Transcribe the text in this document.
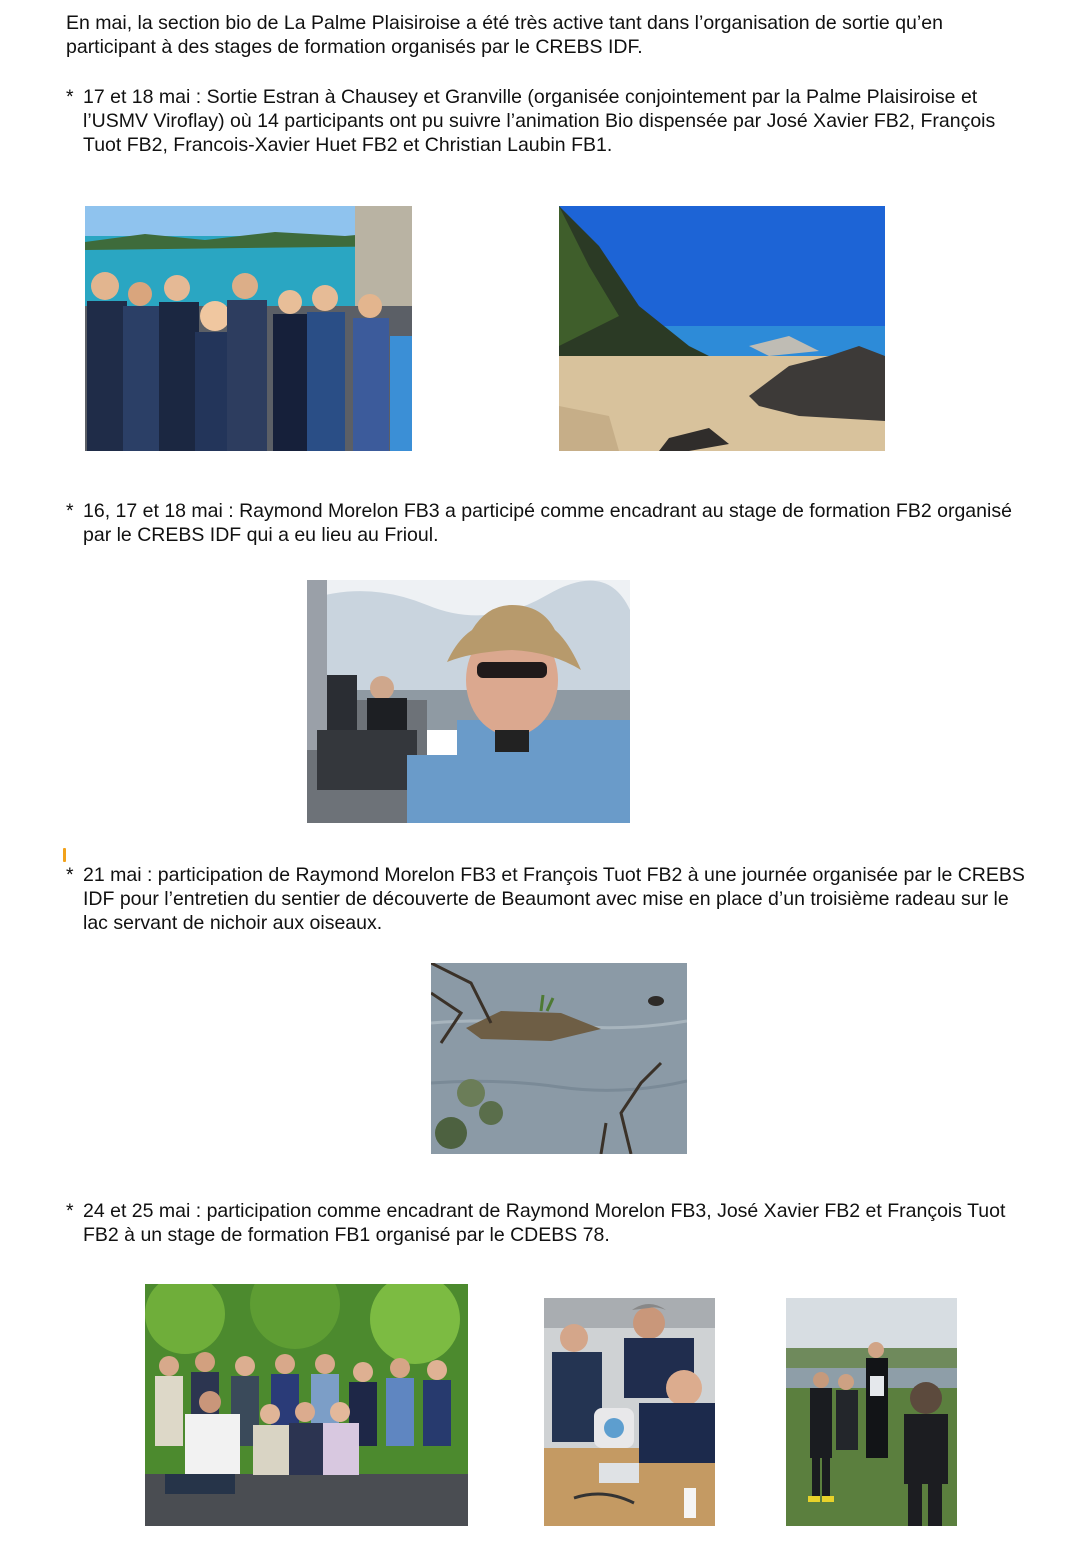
En mai, la section bio de La Palme Plaisiroise a été très active tant dans l’organisation de sortie qu’en participant à des stages de formation organisés par le CREBS IDF.

* 17 et 18 mai : Sortie Estran à Chausey et Granville (organisée conjointement par la Palme Plaisiroise et l’USMV Viroflay) où 14 participants ont pu suivre l’animation Bio dispensée par José Xavier FB2, François Tuot FB2, Francois-Xavier Huet FB2 et Christian Laubin FB1.
* 16, 17 et 18 mai : Raymond Morelon FB3 a participé comme encadrant au stage de formation FB2 organisé par le CREBS IDF qui a eu lieu au Frioul.
* 21 mai : participation de Raymond Morelon FB3 et François Tuot FB2 à une journée organisée par le CREBS IDF pour l’entretien du sentier de découverte de Beaumont avec mise en place d’un troisième radeau sur le lac servant de nichoir aux oiseaux.
* 24 et 25 mai : participation comme encadrant de Raymond Morelon FB3, José Xavier FB2 et François Tuot FB2 à un stage de formation FB1 organisé par le CDEBS 78.
